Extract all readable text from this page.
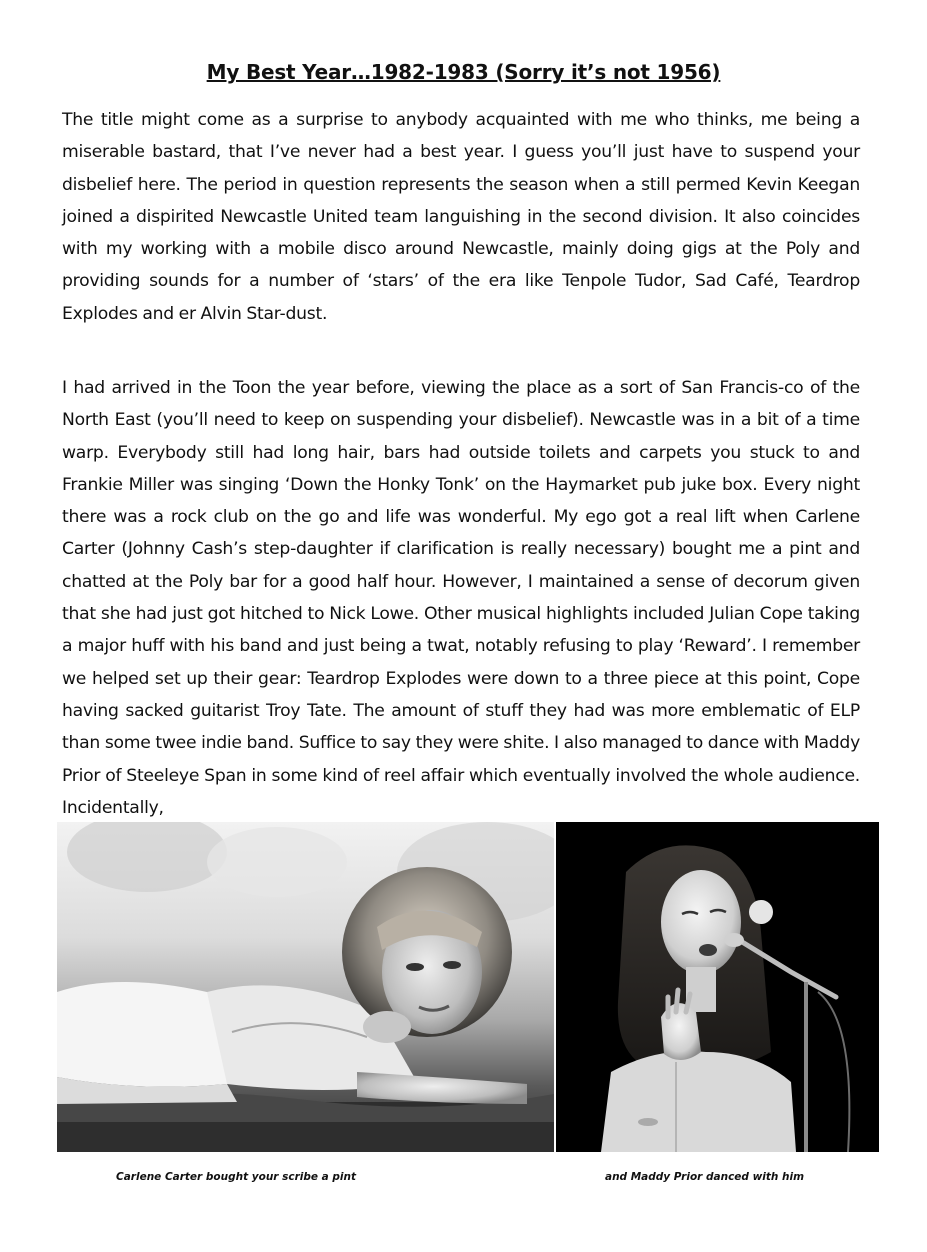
My Best Year…1982-1983 (Sorry it’s not 1956)

The title might come as a surprise to anybody acquainted with me who thinks, me being a miserable bastard, that I’ve never had a best year. I guess you’ll just have to suspend your disbelief here. The period in question represents the season when a still permed Kevin Keegan joined a dispirited Newcastle United team languishing in the second division. It also coincides with my working with a mobile disco around Newcastle, mainly doing gigs at the Poly and providing sounds for a number of ‘stars’ of the era like Tenpole Tudor, Sad Café, Teardrop Explodes and er Alvin Star-dust.

I had arrived in the Toon the year before, viewing the place as a sort of San Francis-co of the North East (you’ll need to keep on suspending your disbelief). Newcastle was in a bit of a time warp. Everybody still had long hair, bars had outside toilets and carpets you stuck to and Frankie Miller was singing ‘Down the Honky Tonk’ on the Haymarket pub juke box. Every night there was a rock club on the go and life was wonderful. My ego got a real lift when Carlene Carter (Johnny Cash’s step-daughter if clarification is really necessary) bought me a pint and chatted at the Poly bar for a good half hour. However, I maintained a sense of decorum given that she had just got hitched to Nick Lowe. Other musical highlights included Julian Cope taking a major huff with his band and just being a twat, notably refusing to play ‘Reward’. I remember we helped set up their gear: Teardrop Explodes were down to a three piece at this point, Cope having sacked guitarist Troy Tate. The amount of stuff they had was more emblematic of ELP than some twee indie band. Suffice to say they were shite. I also managed to dance with Maddy Prior of Steeleye Span in some kind of reel affair which eventually involved the whole audience. Incidentally,

Carlene Carter bought your scribe a pint	and Maddy Prior danced with him
